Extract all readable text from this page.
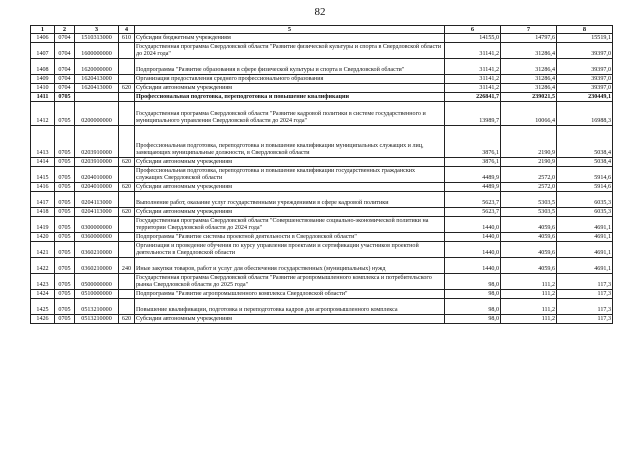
82
1	2	3	4	5	6	7	8
1406	0704	1510313000	610	Субсидии бюджетным учреждениям	14155,0	14797,6	15519,1
1407	0704	1600000000		Государственная программа Свердловской области "Развитие физической культуры и спорта в Свердловской области до 2024 года"	31141,2	31286,4	39397,0
1408	0704	1620000000		Подпрограмма "Развитие образования в сфере физической культуры и спорта в Свердловской области"	31141,2	31286,4	39397,0
1409	0704	1620413000		Организация предоставления среднего профессионального образования	31141,2	31286,4	39397,0
1410	0704	1620413000	620	Субсидии автономным учреждениям	31141,2	31286,4	39397,0
1411	0705			Профессиональная подготовка, переподготовка и повышение квалификации	226841,7	239021,5	230449,1
1412	0705	0200000000		Государственная программа Свердловской области "Развитие кадровой политики в системе государственного и муниципального управления Свердловской области до 2024 года"	13989,7	10066,4	16988,3
1413	0705	0203910000		Профессиональная подготовка, переподготовка и повышение квалификации муниципальных служащих и лиц, замещающих муниципальные должности, в Свердловской области	3876,1	2190,9	5038,4
1414	0705	0203910000	620	Субсидии автономным учреждениям	3876,1	2190,9	5038,4
1415	0705	0204010000		Профессиональная подготовка, переподготовка и повышение квалификации государственных гражданских служащих Свердловской области	4489,9	2572,0	5914,6
1416	0705	0204010000	620	Субсидии автономным учреждениям	4489,9	2572,0	5914,6
1417	0705	0204113000		Выполнение работ, оказание услуг государственными учреждениями в сфере кадровой политики	5623,7	5303,5	6035,3
1418	0705	0204113000	620	Субсидии автономным учреждениям	5623,7	5303,5	6035,3
1419	0705	0300000000		Государственная программа Свердловской области "Совершенствование социально-экономической политики на территории Свердловской области до 2024 года"	1440,0	4059,6	4691,1
1420	0705	0360000000		Подпрограмма "Развитие системы проектной деятельности в Свердловской области"	1440,0	4059,6	4691,1
1421	0705	0360210000		Организация и проведение обучения по курсу управления проектами и сертификации участников проектной деятельности в Свердловской области	1440,0	4059,6	4691,1
1422	0705	0360210000	240	Иные закупки товаров, работ и услуг для обеспечения государственных (муниципальных) нужд	1440,0	4059,6	4691,1
1423	0705	0500000000		Государственная программа Свердловской области "Развитие агропромышленного комплекса и потребительского рынка Свердловской области до 2025 года"	98,0	111,2	117,3
1424	0705	0510000000		Подпрограмма "Развитие агропромышленного комплекса Свердловской области"	98,0	111,2	117,3
1425	0705	0513210000		Повышение квалификации, подготовка и переподготовка кадров для агропромышленного комплекса	98,0	111,2	117,3
1426	0705	0513210000	620	Субсидии автономным учреждениям	98,0	111,2	117,3
